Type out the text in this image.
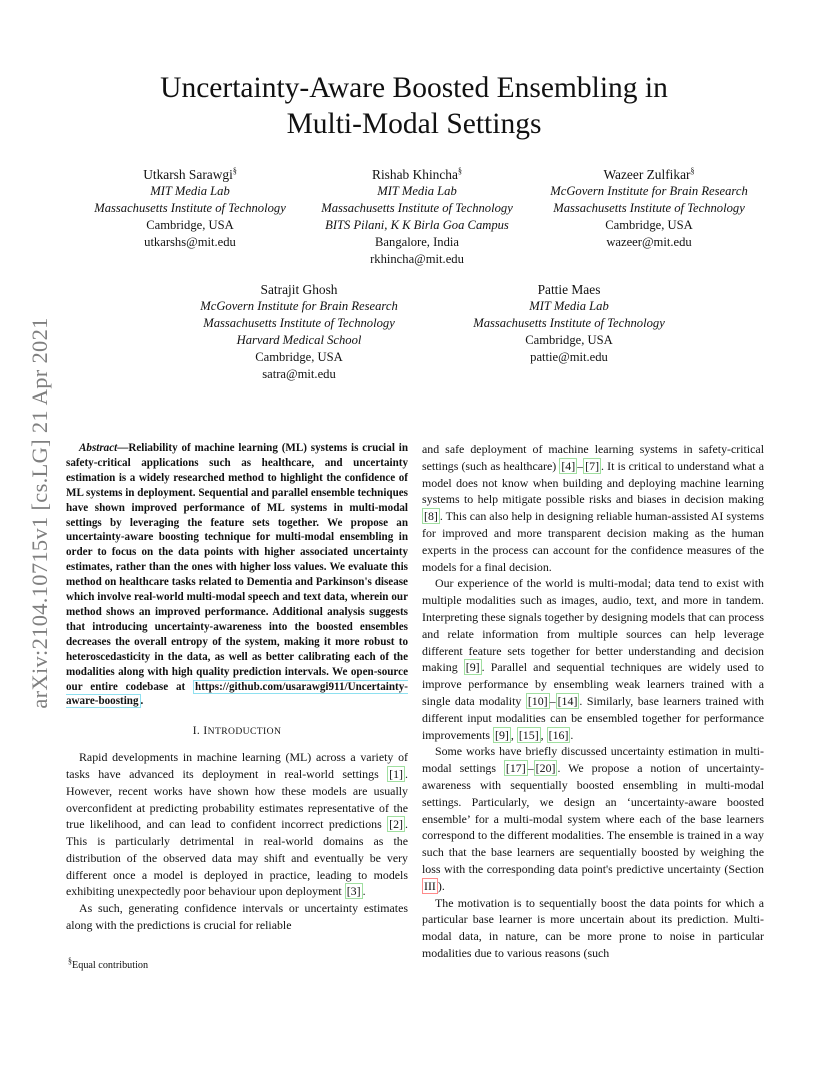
arXiv:2104.10715v1 [cs.LG] 21 Apr 2021
Uncertainty-Aware Boosted Ensembling in
Multi-Modal Settings
Utkarsh Sarawgi§
MIT Media Lab
Massachusetts Institute of Technology
Cambridge, USA
utkarshs@mit.edu
Rishab Khincha§
MIT Media Lab
Massachusetts Institute of Technology
BITS Pilani, K K Birla Goa Campus
Bangalore, India
rkhincha@mit.edu
Wazeer Zulfikar§
McGovern Institute for Brain Research
Massachusetts Institute of Technology
Cambridge, USA
wazeer@mit.edu
Satrajit Ghosh
McGovern Institute for Brain Research
Massachusetts Institute of Technology
Harvard Medical School
Cambridge, USA
satra@mit.edu
Pattie Maes
MIT Media Lab
Massachusetts Institute of Technology
Cambridge, USA
pattie@mit.edu

Abstract—Reliability of machine learning (ML) systems is crucial in safety-critical applications such as healthcare, and uncertainty estimation is a widely researched method to highlight the confidence of ML systems in deployment. Sequential and parallel ensemble techniques have shown improved performance of ML systems in multi-modal settings by leveraging the feature sets together. We propose an uncertainty-aware boosting technique for multi-modal ensembling in order to focus on the data points with higher associated uncertainty estimates, rather than the ones with higher loss values. We evaluate this method on healthcare tasks related to Dementia and Parkinson's disease which involve real-world multi-modal speech and text data, wherein our method shows an improved performance. Additional analysis suggests that introducing uncertainty-awareness into the boosted ensembles decreases the overall entropy of the system, making it more robust to heteroscedasticity in the data, as well as better calibrating each of the modalities along with high quality prediction intervals. We open-source our entire codebase at https://github.com/usarawgi911/Uncertainty-aware-boosting .

I. INTRODUCTION

Rapid developments in machine learning (ML) across a variety of tasks have advanced its deployment in real-world settings [1] . However, recent works have shown how these models are usually overconfident at predicting probability estimates representative of the true likelihood, and can lead to confident incorrect predictions [2] . This is particularly detrimental in real-world domains as the distribution of the observed data may shift and eventually be very different once a model is deployed in practice, leading to models exhibiting unexpectedly poor behaviour upon deployment [3] .

As such, generating confidence intervals or uncertainty estimates along with the predictions is crucial for reliable

§Equal contribution

and safe deployment of machine learning systems in safety-critical settings (such as healthcare) [4] – [7] . It is critical to understand what a model does not know when building and deploying machine learning systems to help mitigate possible risks and biases in decision making [8] . This can also help in designing reliable human-assisted AI systems for improved and more transparent decision making as the human experts in the process can account for the confidence measures of the models for a final decision.

Our experience of the world is multi-modal; data tend to exist with multiple modalities such as images, audio, text, and more in tandem. Interpreting these signals together by designing models that can process and relate information from multiple sources can help leverage different feature sets together for better understanding and decision making [9] . Parallel and sequential techniques are widely used to improve performance by ensembling weak learners trained with a single data modality [10] – [14] . Similarly, base learners trained with different input modalities can be ensembled together for performance improvements [9] , [15] , [16] .

Some works have briefly discussed uncertainty estimation in multi-modal settings [17] – [20] . We propose a notion of uncertainty-awareness with sequentially boosted ensembling in multi-modal settings. Particularly, we design an ‘uncertainty-aware boosted ensemble’ for a multi-modal system where each of the base learners correspond to the different modalities. The ensemble is trained in a way such that the base learners are sequentially boosted by weighing the loss with the corresponding data point's predictive uncertainty (Section III ).

The motivation is to sequentially boost the data points for which a particular base learner is more uncertain about its prediction. Multi-modal data, in nature, can be more prone to noise in particular modalities due to various reasons (such
